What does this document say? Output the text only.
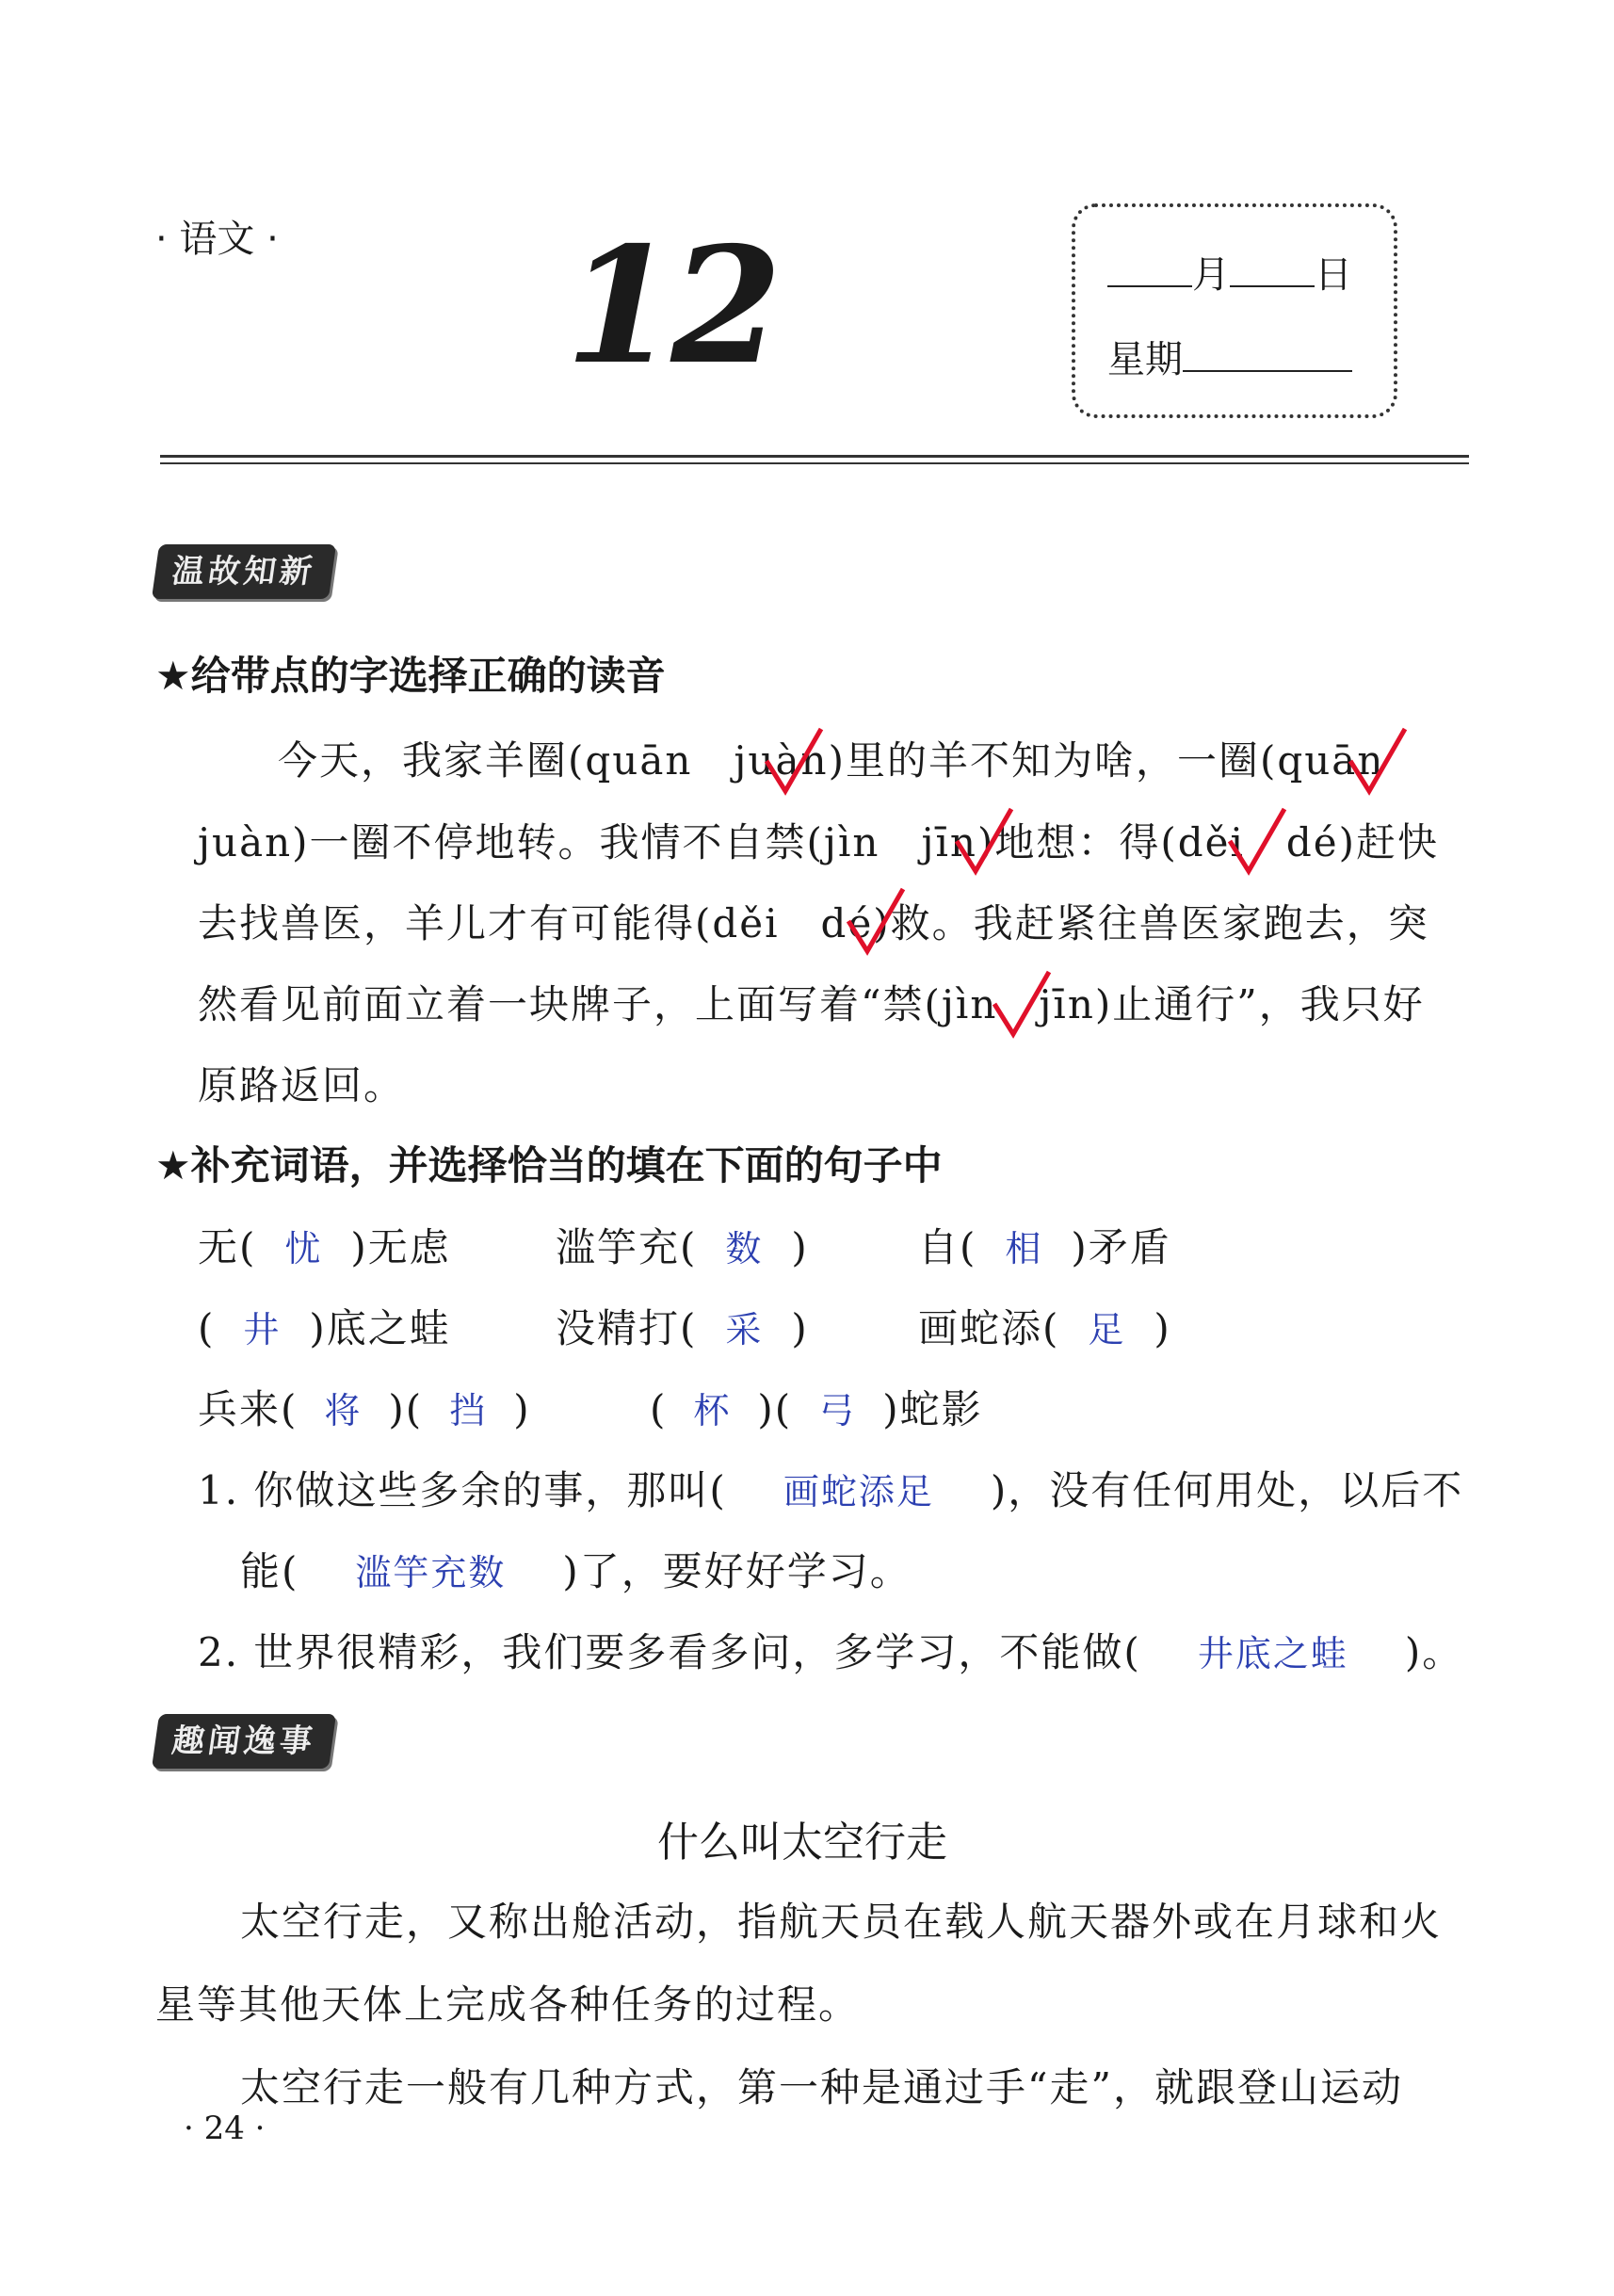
· 语文 · 12	月 日
星期
温故知新
★给带点的字选择正确的读音
今天，我家羊圈(quān　juàn)里的羊不知为啥，一圈(quān
juàn)一圈不停地转。我情不自禁(jìn　jīn)地想：得(děi　dé)赶快
去找兽医，羊儿才有可能得(děi　dé)救。我赶紧往兽医家跑去，突
然看见前面立着一块牌子，上面写着“禁(jìn　jīn)止通行”，我只好
原路返回。
★补充词语，并选择恰当的填在下面的句子中
无( 忧 )无虑	滥竽充( 数 )	自( 相 )矛盾
( 井 )底之蛙	没精打( 采 )	画蛇添( 足 )
兵来( 将 )( 挡 )	( 杯 )( 弓 )蛇影
1. 你做这些多余的事，那叫( 画蛇添足 )，没有任何用处，以后不
能( 滥竽充数 )了，要好好学习。
2. 世界很精彩，我们要多看多问，多学习，不能做( 井底之蛙 )。
趣闻逸事
什么叫太空行走
太空行走，又称出舱活动，指航天员在载人航天器外或在月球和火
星等其他天体上完成各种任务的过程。
太空行走一般有几种方式，第一种是通过手“走”，就跟登山运动
· 24 ·
